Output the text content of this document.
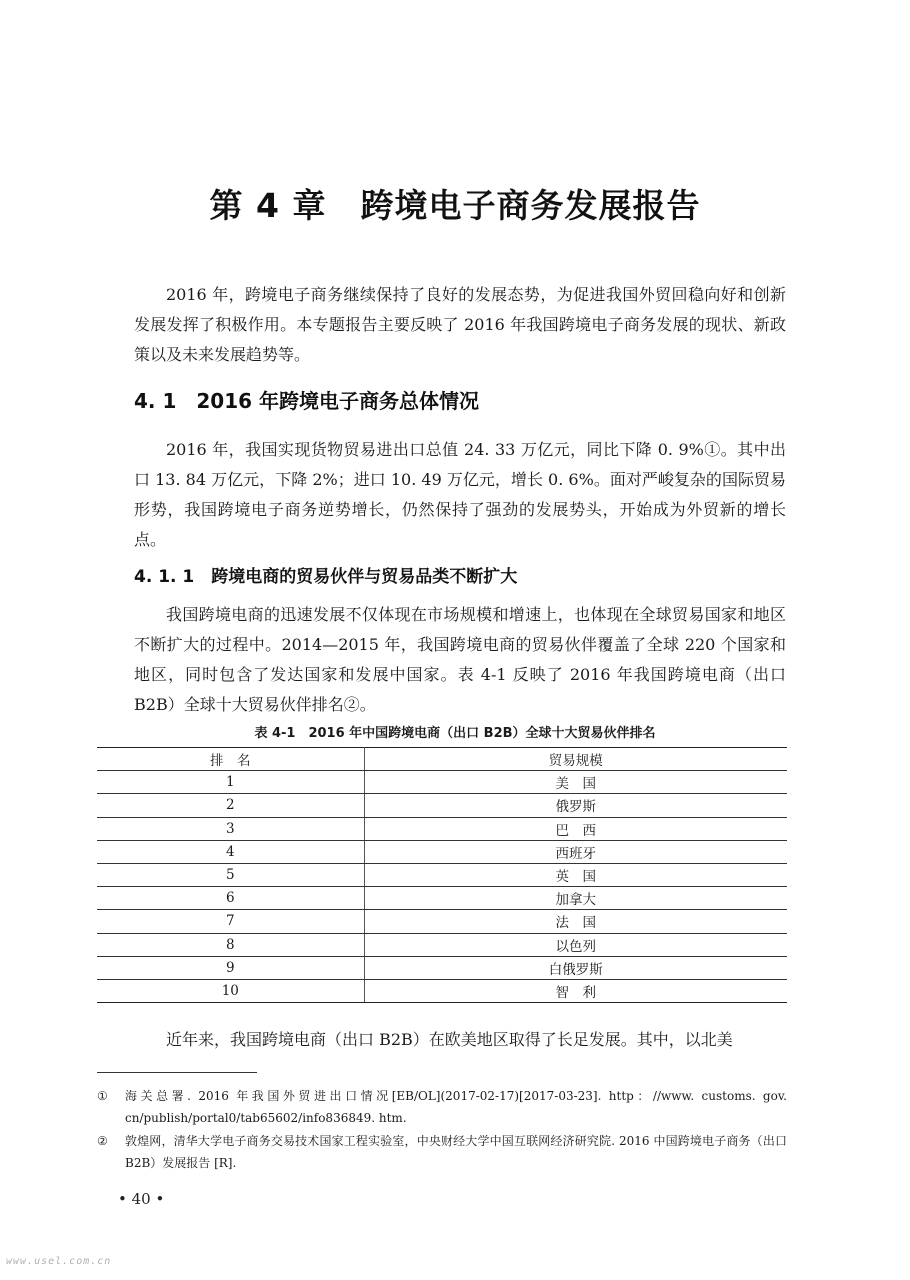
第 4 章　跨境电子商务发展报告
2016 年，跨境电子商务继续保持了良好的发展态势，为促进我国外贸回稳向好和创新发展发挥了积极作用。本专题报告主要反映了 2016 年我国跨境电子商务发展的现状、新政策以及未来发展趋势等。
4. 1　2016 年跨境电子商务总体情况
2016 年，我国实现货物贸易进出口总值 24. 33 万亿元，同比下降 0. 9%①。其中出口 13. 84 万亿元，下降 2%；进口 10. 49 万亿元，增长 0. 6%。面对严峻复杂的国际贸易形势，我国跨境电子商务逆势增长，仍然保持了强劲的发展势头，开始成为外贸新的增长点。
4. 1. 1　跨境电商的贸易伙伴与贸易品类不断扩大
我国跨境电商的迅速发展不仅体现在市场规模和增速上，也体现在全球贸易国家和地区不断扩大的过程中。2014—2015 年，我国跨境电商的贸易伙伴覆盖了全球 220 个国家和地区，同时包含了发达国家和发展中国家。表 4-1 反映了 2016 年我国跨境电商（出口 B2B）全球十大贸易伙伴排名②。
表 4-1　2016 年中国跨境电商（出口 B2B）全球十大贸易伙伴排名
排　名	贸易规模
1	美　国
2	俄罗斯
3	巴　西
4	西班牙
5	英　国
6	加拿大
7	法　国
8	以色列
9	白俄罗斯
10	智　利
近年来，我国跨境电商（出口 B2B）在欧美地区取得了长足发展。其中，以北美
① 海关总署. 2016 年我国外贸进出口情况[EB/OL](2017-02-17)[2017-03-23]. http：//www. customs. gov. cn/publish/portal0/tab65602/info836849. htm.
② 敦煌网，清华大学电子商务交易技术国家工程实验室，中央财经大学中国互联网经济研究院. 2016 中国跨境电子商务（出口 B2B）发展报告 [R].
• 40 •
www.usel.com.cn
